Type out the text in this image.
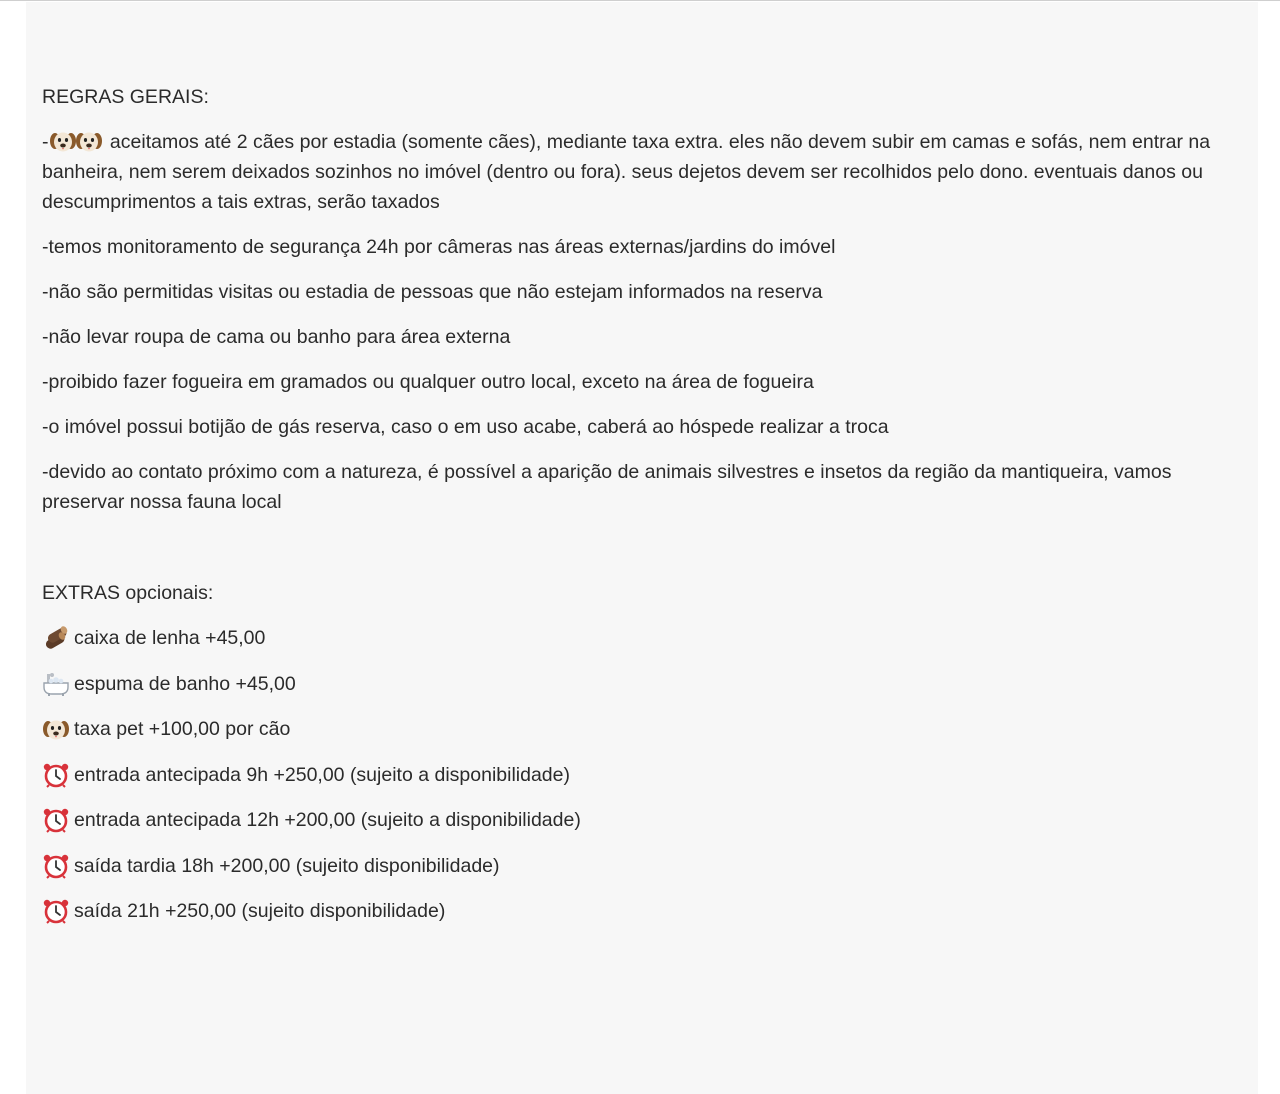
REGRAS GERAIS:
-	aceitamos até 2 cães por estadia (somente cães), mediante taxa extra. eles não devem subir em camas e sofás, nem entrar na banheira, nem serem deixados sozinhos no imóvel (dentro ou fora). seus dejetos devem ser recolhidos pelo dono. eventuais danos ou descumprimentos a tais extras, serão taxados
-temos monitoramento de segurança 24h por câmeras nas áreas externas/jardins do imóvel
-não são permitidas visitas ou estadia de pessoas que não estejam informados na reserva
-não levar roupa de cama ou banho para área externa
-proibido fazer fogueira em gramados ou qualquer outro local, exceto na área de fogueira
-o imóvel possui botijão de gás reserva, caso o em uso acabe, caberá ao hóspede realizar a troca
-devido ao contato próximo com a natureza, é possível a aparição de animais silvestres e insetos da região da mantiqueira, vamos preservar nossa fauna local
EXTRAS opcionais:
caixa de lenha +45,00
espuma de banho +45,00
taxa pet +100,00 por cão
entrada antecipada 9h +250,00 (sujeito a disponibilidade)
entrada antecipada 12h +200,00 (sujeito a disponibilidade)
saída tardia 18h +200,00 (sujeito disponibilidade)
saída 21h +250,00 (sujeito disponibilidade)
